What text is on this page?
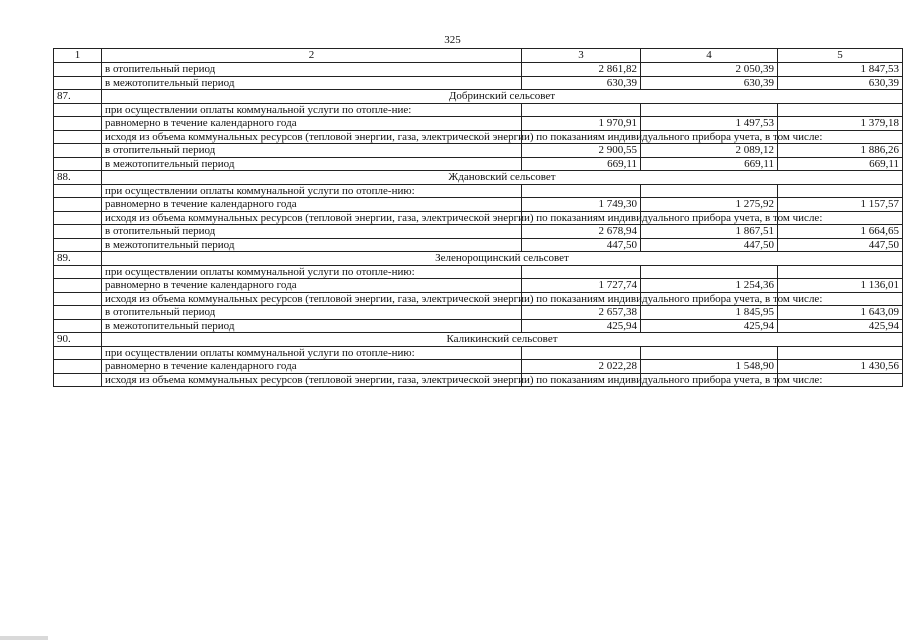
325
1	2	3	4	5
	в отопительный период	2 861,82	2 050,39	1 847,53
	в межотопительный период	630,39	630,39	630,39
87.	Добринский сельсовет			
	при осуществлении оплаты коммунальной услуги по отопле-ние:			
	равномерно в течение календарного года	1 970,91	1 497,53	1 379,18
	исходя из объема коммунальных ресурсов (тепловой энергии, газа, электрической энергии) по показаниям индивидуального прибора учета, в том числе:			
	в отопительный период	2 900,55	2 089,12	1 886,26
	в межотопительный период	669,11	669,11	669,11
88.	Ждановский сельсовет			
	при осуществлении оплаты коммунальной услуги по отопле-нию:			
	равномерно в течение календарного года	1 749,30	1 275,92	1 157,57
	исходя из объема коммунальных ресурсов (тепловой энергии, газа, электрической энергии) по показаниям индивидуального прибора учета, в том числе:			
	в отопительный период	2 678,94	1 867,51	1 664,65
	в межотопительный период	447,50	447,50	447,50
89.	Зеленорощинский сельсовет			
	при осуществлении оплаты коммунальной услуги по отопле-нию:			
	равномерно в течение календарного года	1 727,74	1 254,36	1 136,01
	исходя из объема коммунальных ресурсов (тепловой энергии, газа, электрической энергии) по показаниям индивидуального прибора учета, в том числе:			
	в отопительный период	2 657,38	1 845,95	1 643,09
	в межотопительный период	425,94	425,94	425,94
90.	Каликинский сельсовет			
	при осуществлении оплаты коммунальной услуги по отопле-нию:			
	равномерно в течение календарного года	2 022,28	1 548,90	1 430,56
	исходя из объема коммунальных ресурсов (тепловой энергии, газа, электрической энергии) по показаниям индивидуального прибора учета, в том числе:			
